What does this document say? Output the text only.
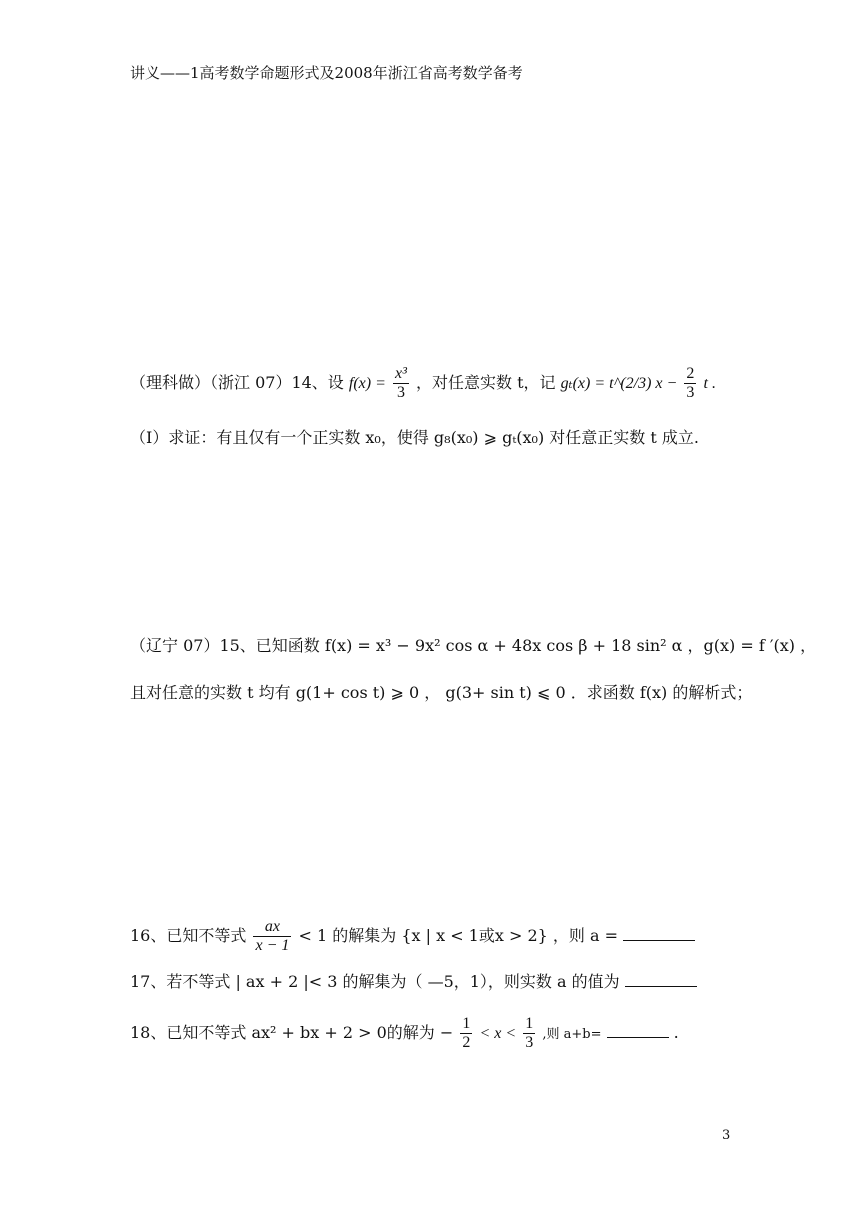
讲义——1高考数学命题形式及2008年浙江省高考数学备考
（理科做）（浙江 07）14、设 $f(x) = \frac{\text{x³}}{3}$ ，对任意实数 t，记 gₜ(x) = t^(2/3) $x - \frac{2}{3}$ t .
（I）求证：有且仅有一个正实数 x₀，使得 g₈(x₀) ⩾ gₜ(x₀) 对任意正实数 t 成立.
（辽宁 07）15、已知函数 f(x) = x³ − 9x² cos α + 48x cos β + 18 sin² α ，g(x) = f ′(x) ，
且对任意的实数 t 均有 g(1+ cos t) ⩾ 0 ， g(3+ sin t) ⩽ 0 ．求函数 f(x) 的解析式；
16、已知不等式 $\frac{ax}{x - 1} < 1$ 的解集为 {x | x < 1或x > 2} ，则 a =
17、若不等式 | ax + 2 |< 3 的解集为（ —5，1），则实数 a 的值为
18、已知不等式 ax² + bx + 2 > 0的解为 − $\frac{1}{2} < x < \frac{1}{3}$ ,则 a+b=	.
3
